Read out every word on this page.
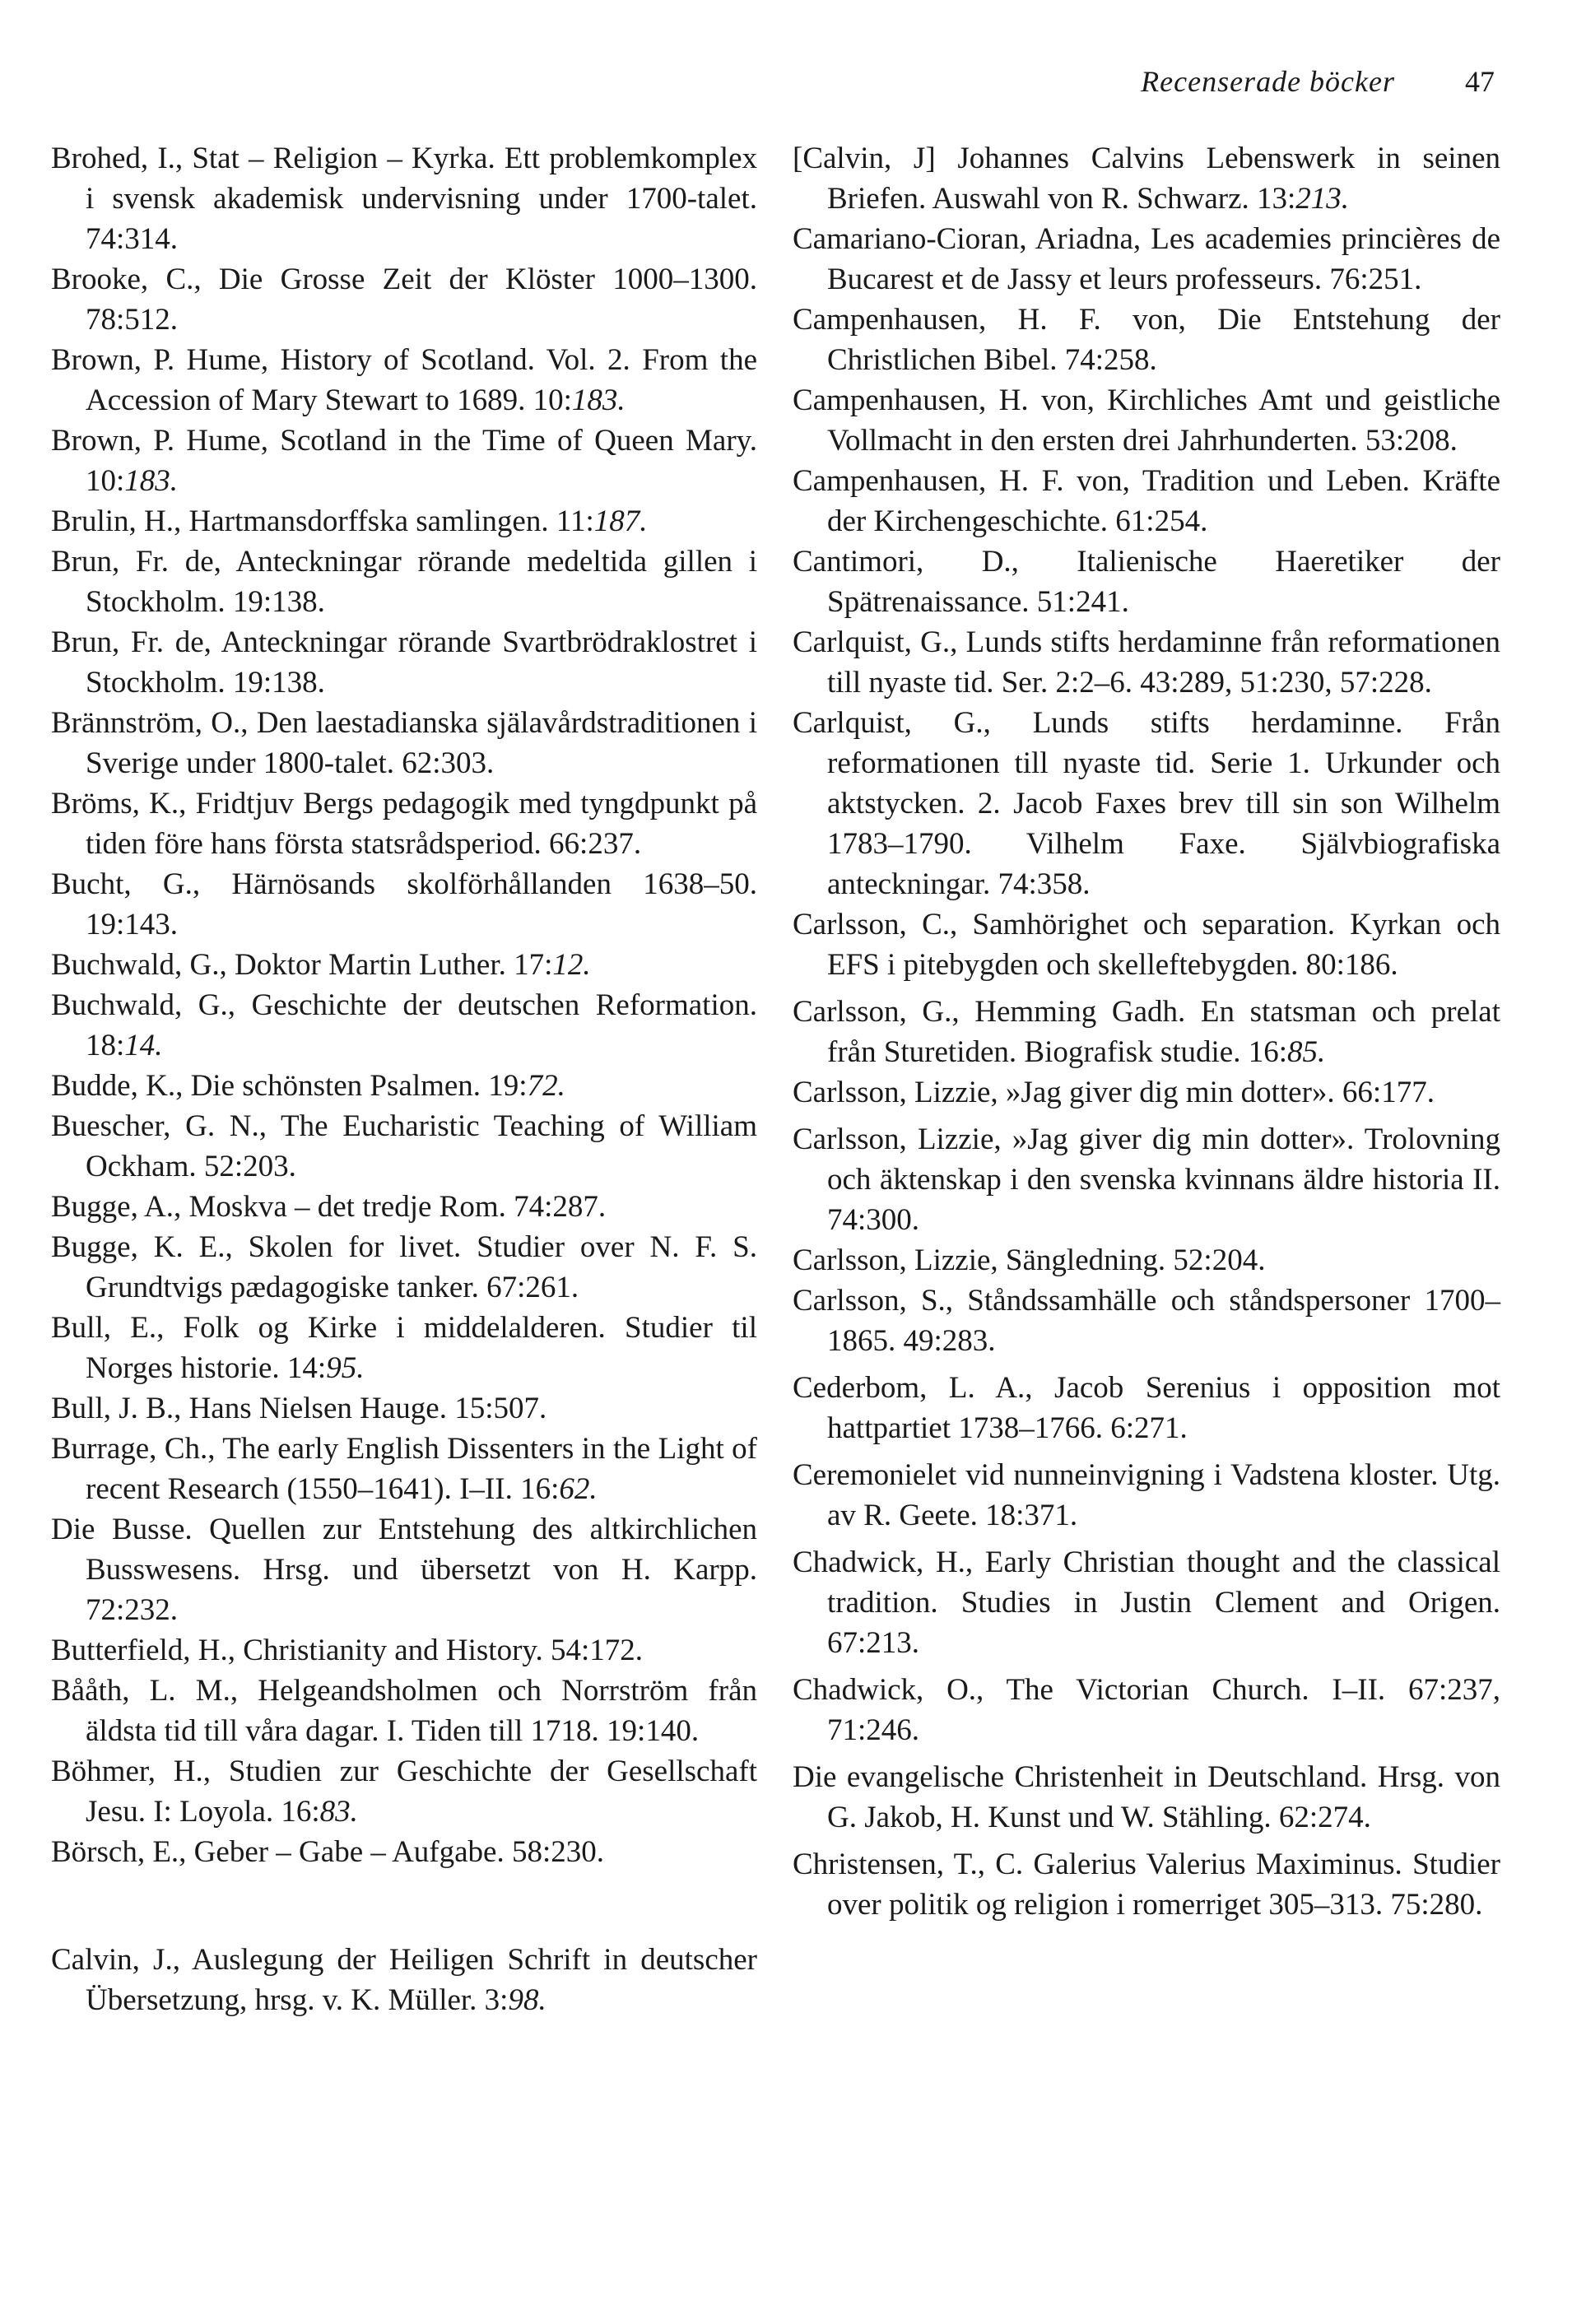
Recenserade böcker 47

Brohed, I., Stat – Religion – Kyrka. Ett problemkomplex i svensk akademisk undervisning under 1700-talet. 74:314.

Brooke, C., Die Grosse Zeit der Klöster 1000–1300. 78:512.

Brown, P. Hume, History of Scotland. Vol. 2. From the Accession of Mary Stewart to 1689. 10:183.

Brown, P. Hume, Scotland in the Time of Queen Mary. 10:183.

Brulin, H., Hartmansdorffska samlingen. 11:187.

Brun, Fr. de, Anteckningar rörande medeltida gillen i Stockholm. 19:138.

Brun, Fr. de, Anteckningar rörande Svartbrödraklostret i Stockholm. 19:138.

Brännström, O., Den laestadianska själavårdstraditionen i Sverige under 1800-talet. 62:303.

Bröms, K., Fridtjuv Bergs pedagogik med tyngdpunkt på tiden före hans första statsrådsperiod. 66:237.

Bucht, G., Härnösands skolförhållanden 1638–50. 19:143.

Buchwald, G., Doktor Martin Luther. 17:12.

Buchwald, G., Geschichte der deutschen Reformation. 18:14.

Budde, K., Die schönsten Psalmen. 19:72.

Buescher, G. N., The Eucharistic Teaching of William Ockham. 52:203.

Bugge, A., Moskva – det tredje Rom. 74:287.

Bugge, K. E., Skolen for livet. Studier over N. F. S. Grundtvigs pædagogiske tanker. 67:261.

Bull, E., Folk og Kirke i middelalderen. Studier til Norges historie. 14:95.

Bull, J. B., Hans Nielsen Hauge. 15:507.

Burrage, Ch., The early English Dissenters in the Light of recent Research (1550–1641). I–II. 16:62.

Die Busse. Quellen zur Entstehung des altkirchlichen Busswesens. Hrsg. und übersetzt von H. Karpp. 72:232.

Butterfield, H., Christianity and History. 54:172.

Bååth, L. M., Helgeandsholmen och Norrström från äldsta tid till våra dagar. I. Tiden till 1718. 19:140.

Böhmer, H., Studien zur Geschichte der Gesellschaft Jesu. I: Loyola. 16:83.

Börsch, E., Geber – Gabe – Aufgabe. 58:230.

Calvin, J., Auslegung der Heiligen Schrift in deutscher Übersetzung, hrsg. v. K. Müller. 3:98.

[Calvin, J] Johannes Calvins Lebenswerk in seinen Briefen. Auswahl von R. Schwarz. 13:213.

Camariano-Cioran, Ariadna, Les academies princières de Bucarest et de Jassy et leurs professeurs. 76:251.

Campenhausen, H. F. von, Die Entstehung der Christlichen Bibel. 74:258.

Campenhausen, H. von, Kirchliches Amt und geistliche Vollmacht in den ersten drei Jahrhunderten. 53:208.

Campenhausen, H. F. von, Tradition und Leben. Kräfte der Kirchengeschichte. 61:254.

Cantimori, D., Italienische Haeretiker der Spätrenaissance. 51:241.

Carlquist, G., Lunds stifts herdaminne från reformationen till nyaste tid. Ser. 2:2–6. 43:289, 51:230, 57:228.

Carlquist, G., Lunds stifts herdaminne. Från reformationen till nyaste tid. Serie 1. Urkunder och aktstycken. 2. Jacob Faxes brev till sin son Wilhelm 1783–1790. Vilhelm Faxe. Självbiografiska anteckningar. 74:358.

Carlsson, C., Samhörighet och separation. Kyrkan och EFS i pitebygden och skelleftebygden. 80:186.

Carlsson, G., Hemming Gadh. En statsman och prelat från Sturetiden. Biografisk studie. 16:85.

Carlsson, Lizzie, »Jag giver dig min dotter». 66:177.

Carlsson, Lizzie, »Jag giver dig min dotter». Trolovning och äktenskap i den svenska kvinnans äldre historia II. 74:300.

Carlsson, Lizzie, Sängledning. 52:204.

Carlsson, S., Ståndssamhälle och ståndspersoner 1700–1865. 49:283.

Cederbom, L. A., Jacob Serenius i opposition mot hattpartiet 1738–1766. 6:271.

Ceremonielet vid nunneinvigning i Vadstena kloster. Utg. av R. Geete. 18:371.

Chadwick, H., Early Christian thought and the classical tradition. Studies in Justin Clement and Origen. 67:213.

Chadwick, O., The Victorian Church. I–II. 67:237, 71:246.

Die evangelische Christenheit in Deutschland. Hrsg. von G. Jakob, H. Kunst und W. Stähling. 62:274.

Christensen, T., C. Galerius Valerius Maximinus. Studier over politik og religion i romerriget 305–313. 75:280.
